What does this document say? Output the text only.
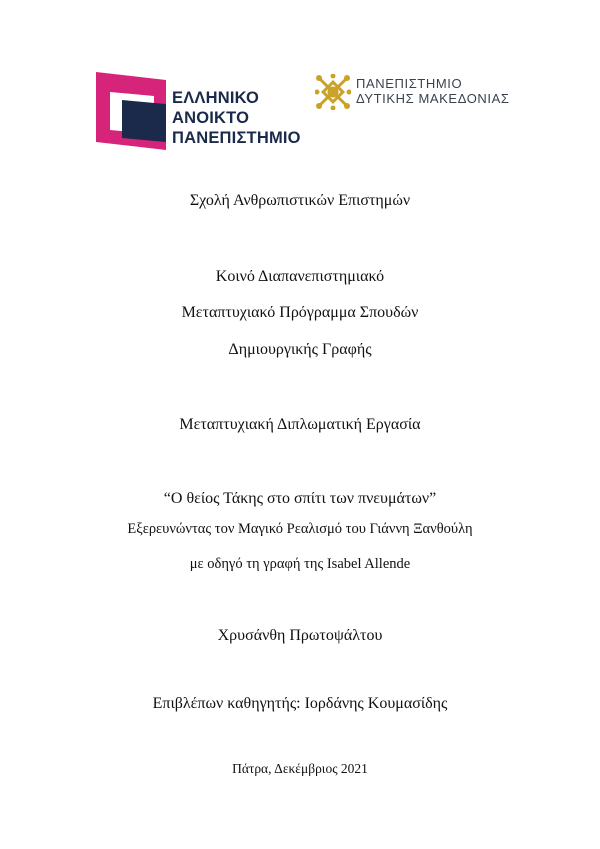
ΕΛΛΗΝΙΚΟ
ΑΝΟΙΚΤΟ
ΠΑΝΕΠΙΣΤΗΜΙΟ
ΠΑΝΕΠΙΣΤΗΜΙΟ
ΔΥΤΙΚΗΣ ΜΑΚΕΔΟΝΙΑΣ
Σχολή Ανθρωπιστικών Επιστημών
Κοινό Διαπανεπιστημιακό
Μεταπτυχιακό Πρόγραμμα Σπουδών
Δημιουργικής Γραφής
Μεταπτυχιακή Διπλωματική Εργασία
“Ο θείος Τάκης στο σπίτι των πνευμάτων”
Εξερευνώντας τον Μαγικό Ρεαλισμό του Γιάννη Ξανθούλη
με οδηγό τη γραφή της Isabel Allende
Χρυσάνθη Πρωτοψάλτου
Επιβλέπων καθηγητής: Ιορδάνης Κουμασίδης
Πάτρα, Δεκέμβριος 2021
